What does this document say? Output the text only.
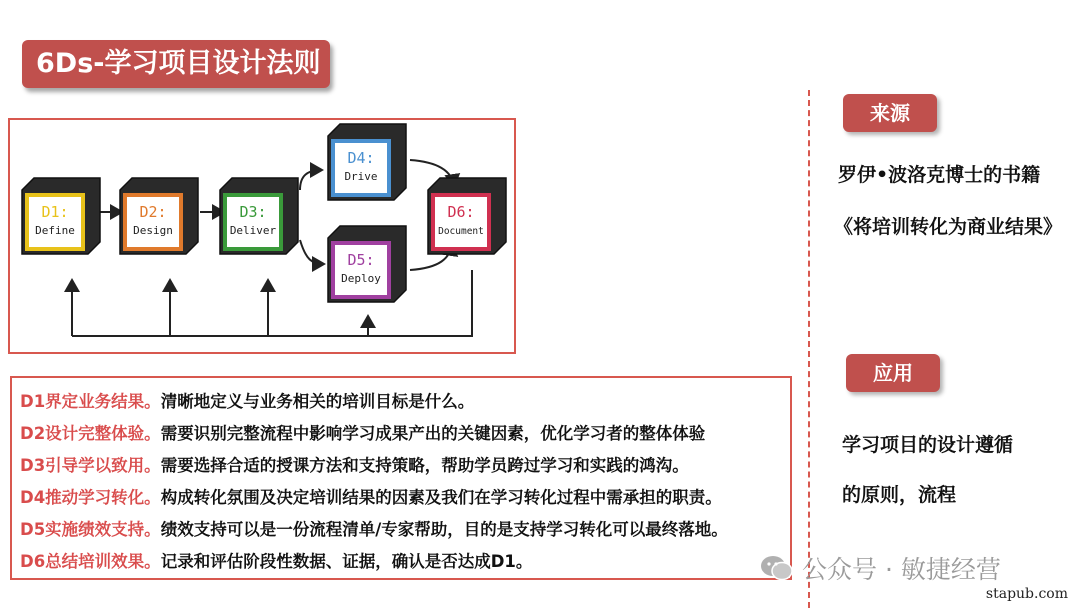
6Ds-学习项目设计法则
D1:
Define
D2:
Design
D3:
Deliver
D4:
Drive
D5:
Deploy
D6:
Document
D1界定业务结果。清晰地定义与业务相关的培训目标是什么。
D2设计完整体验。需要识别完整流程中影响学习成果产出的关键因素，优化学习者的整体体验
D3引导学以致用。需要选择合适的授课方法和支持策略，帮助学员跨过学习和实践的鸿沟。
D4推动学习转化。构成转化氛围及决定培训结果的因素及我们在学习转化过程中需承担的职责。
D5实施绩效支持。绩效支持可以是一份流程清单/专家帮助，目的是支持学习转化可以最终落地。
D6总结培训效果。记录和评估阶段性数据、证据，确认是否达成D1。
来源
罗伊•波洛克博士的书籍
《将培训转化为商业结果》
应用
学习项目的设计遵循
的原则，流程
公众号 · 敏捷经营
stapub.com
